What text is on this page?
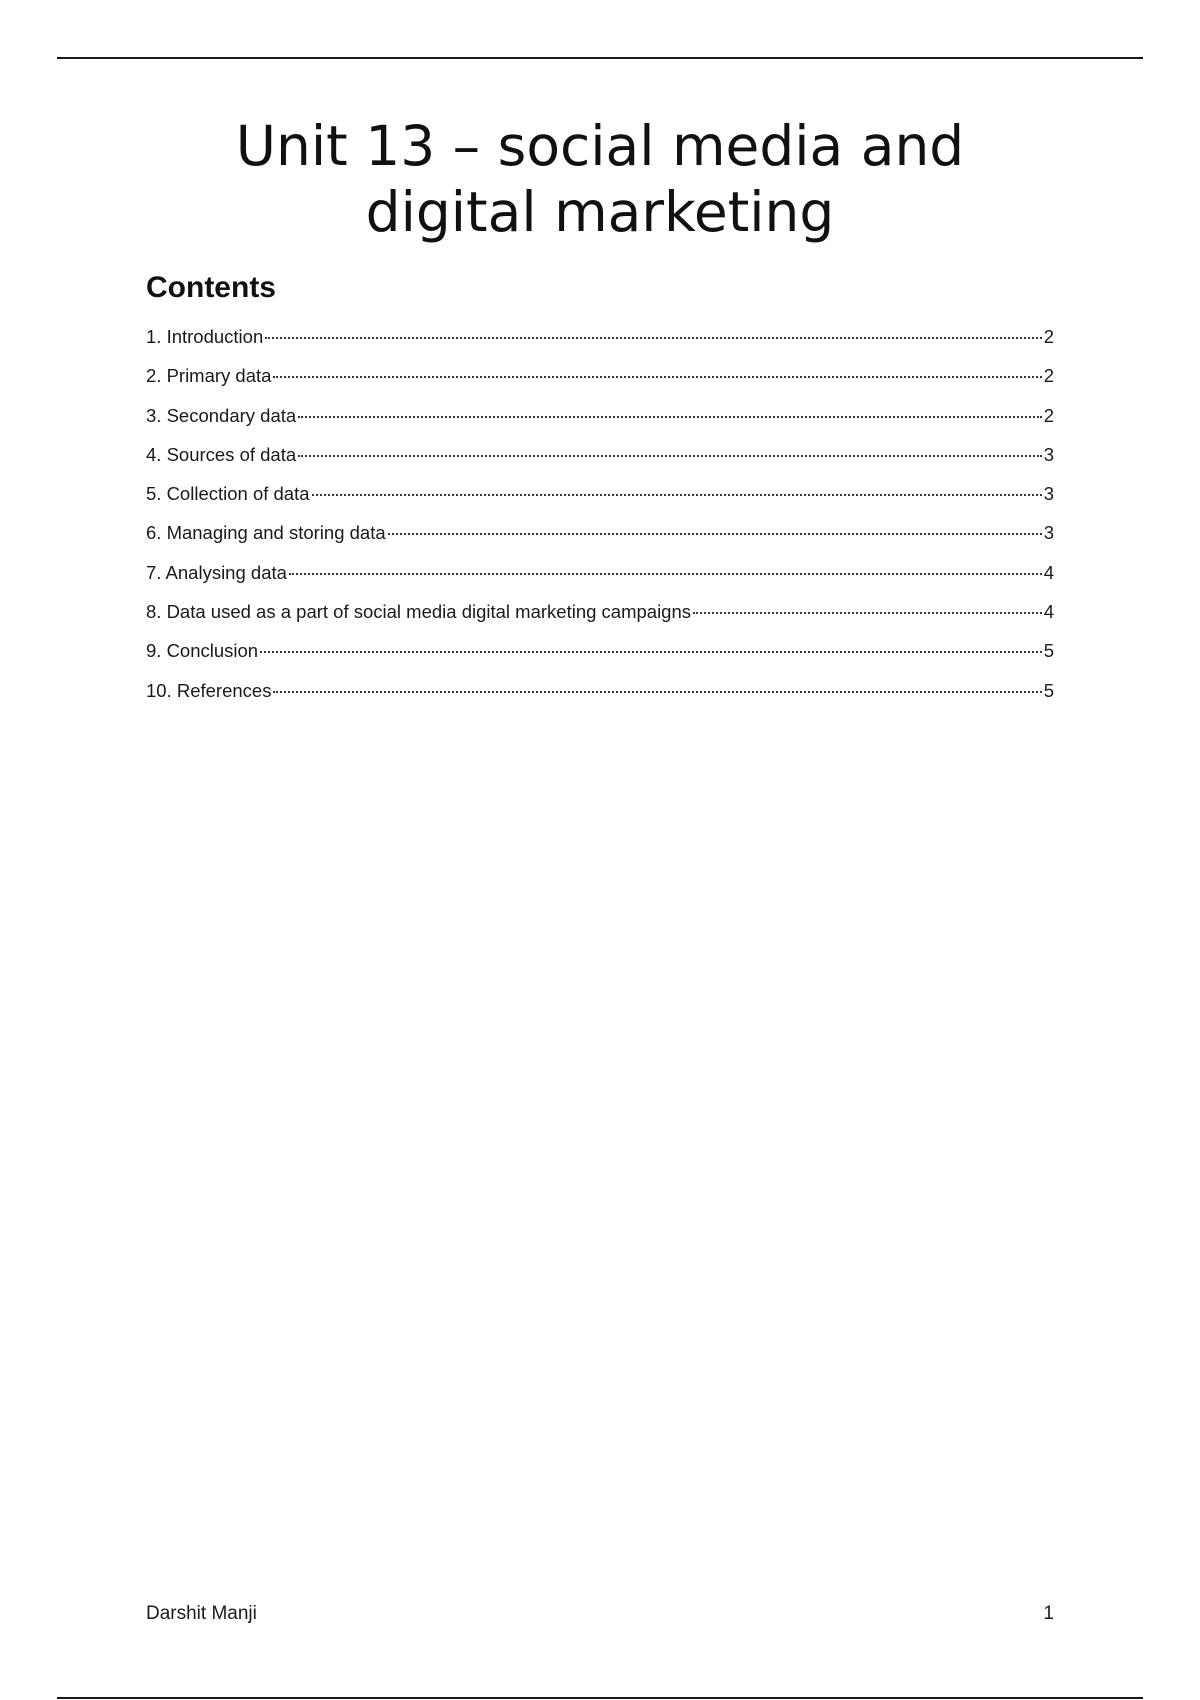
Unit 13 – social media and digital marketing
Contents
1. Introduction	2
2. Primary data	2
3. Secondary data	2
4. Sources of data	3
5. Collection of data	3
6. Managing and storing data	3
7. Analysing data	4
8. Data used as a part of social media digital marketing campaigns	4
9. Conclusion	5
10. References	5
Darshit Manji	1
